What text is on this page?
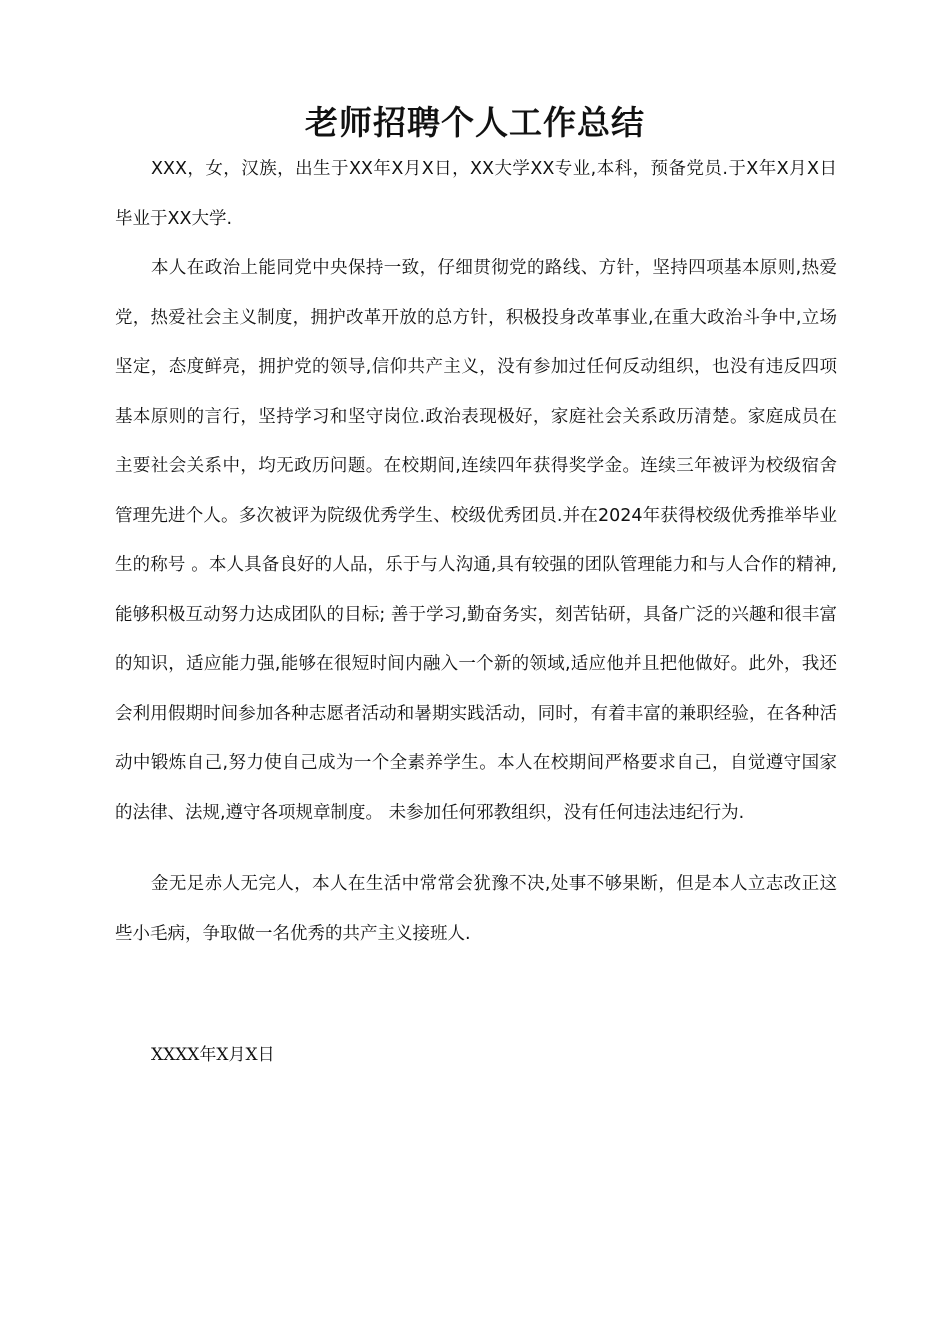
老师招聘个人工作总结

XXX，女，汉族，出生于XX年X月X日，XX大学XX专业,本科，预备党员.于X年X月X日毕业于XX大学.

本人在政治上能同党中央保持一致，仔细贯彻党的路线、方针，坚持四项基本原则,热爱党，热爱社会主义制度，拥护改革开放的总方针，积极投身改革事业,在重大政治斗争中,立场坚定，态度鲜亮，拥护党的领导,信仰共产主义，没有参加过任何反动组织，也没有违反四项基本原则的言行，坚持学习和坚守岗位.政治表现极好，家庭社会关系政历清楚。家庭成员在主要社会关系中，均无政历问题。在校期间,连续四年获得奖学金。连续三年被评为校级宿舍管理先进个人。多次被评为院级优秀学生、校级优秀团员.并在2024年获得校级优秀推举毕业生的称号 。本人具备良好的人品，乐于与人沟通,具有较强的团队管理能力和与人合作的精神,能够积极互动努力达成团队的目标; 善于学习,勤奋务实，刻苦钻研，具备广泛的兴趣和很丰富的知识，适应能力强,能够在很短时间内融入一个新的领域,适应他并且把他做好。此外，我还会利用假期时间参加各种志愿者活动和暑期实践活动，同时，有着丰富的兼职经验，在各种活动中锻炼自己,努力使自己成为一个全素养学生。本人在校期间严格要求自己，自觉遵守国家的法律、法规,遵守各项规章制度。 未参加任何邪教组织，没有任何违法违纪行为.

金无足赤人无完人，本人在生活中常常会犹豫不决,处事不够果断，但是本人立志改正这些小毛病，争取做一名优秀的共产主义接班人.

XXXX年X月X日
